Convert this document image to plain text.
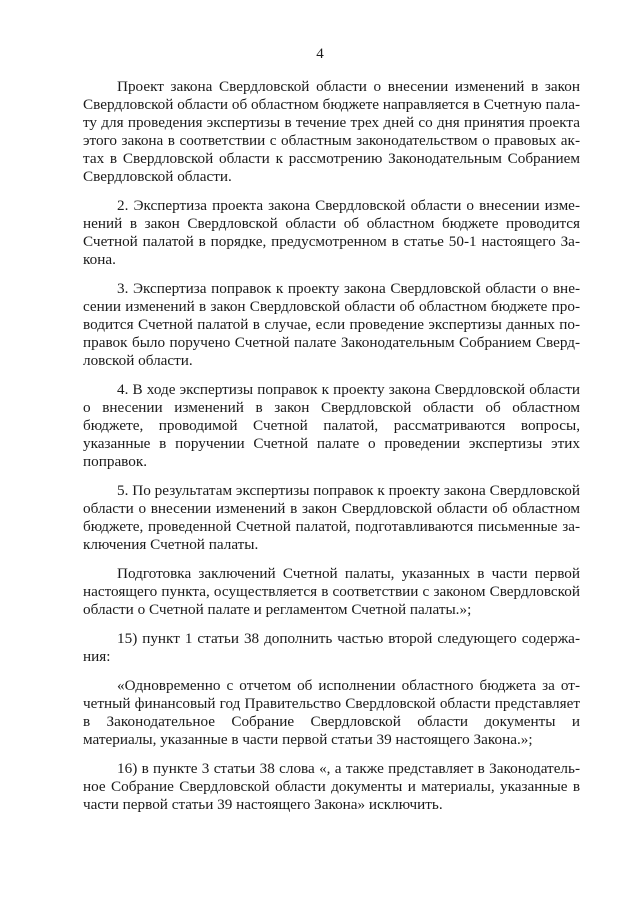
4

Проект закона Свердловской области о внесении изменений в закон Свердловской области об областном бюджете направляется в Счетную палату для проведения экспертизы в течение трех дней со дня принятия проекта этого закона в соответствии с областным законодательством о правовых актах в Свердловской области к рассмотрению Законодательным Собранием Свердловской области.

2. Экспертиза проекта закона Свердловской области о внесении изменений в закон Свердловской области об областном бюджете проводится Счетной палатой в порядке, предусмотренном в статье 50-1 настоящего Закона.

3. Экспертиза поправок к проекту закона Свердловской области о внесении изменений в закон Свердловской области об областном бюджете проводится Счетной палатой в случае, если проведение экспертизы данных поправок было поручено Счетной палате Законодательным Собранием Свердловской области.

4. В ходе экспертизы поправок к проекту закона Свердловской области о внесении изменений в закон Свердловской области об областном бюджете, проводимой Счетной палатой, рассматриваются вопросы, указанные в поручении Счетной палате о проведении экспертизы этих поправок.

5. По результатам экспертизы поправок к проекту закона Свердловской области о внесении изменений в закон Свердловской области об областном бюджете, проведенной Счетной палатой, подготавливаются письменные заключения Счетной палаты.

Подготовка заключений Счетной палаты, указанных в части первой настоящего пункта, осуществляется в соответствии с законом Свердловской области о Счетной палате и регламентом Счетной палаты.»;

15) пункт 1 статьи 38 дополнить частью второй следующего содержания:

«Одновременно с отчетом об исполнении областного бюджета за отчетный финансовый год Правительство Свердловской области представляет в Законодательное Собрание Свердловской области документы и материалы, указанные в части первой статьи 39 настоящего Закона.»;

16) в пункте 3 статьи 38 слова «, а также представляет в Законодательное Собрание Свердловской области документы и материалы, указанные в части первой статьи 39 настоящего Закона» исключить.
